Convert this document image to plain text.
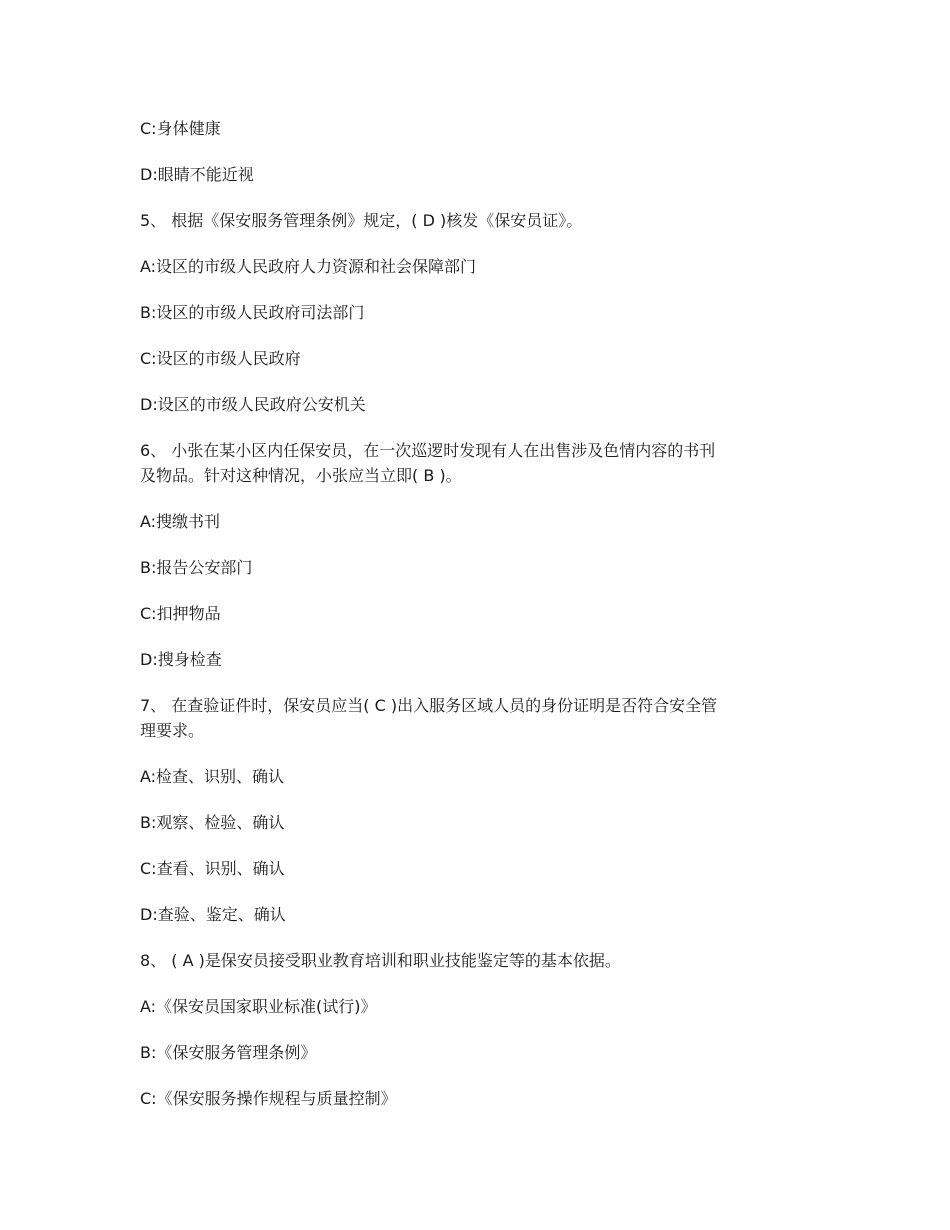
C:身体健康
D:眼睛不能近视
5、 根据《保安服务管理条例》规定，( D )核发《保安员证》。
A:设区的市级人民政府人力资源和社会保障部门
B:设区的市级人民政府司法部门
C:设区的市级人民政府
D:设区的市级人民政府公安机关
6、 小张在某小区内任保安员，在一次巡逻时发现有人在出售涉及色情内容的书刊
及物品。针对这种情况，小张应当立即( B )。
A:搜缴书刊
B:报告公安部门
C:扣押物品
D:搜身检查
7、 在查验证件时，保安员应当( C )出入服务区域人员的身份证明是否符合安全管
理要求。
A:检查、识别、确认
B:观察、检验、确认
C:查看、识别、确认
D:查验、鉴定、确认
8、 ( A )是保安员接受职业教育培训和职业技能鉴定等的基本依据。
A:《保安员国家职业标准(试行)》
B:《保安服务管理条例》
C:《保安服务操作规程与质量控制》
